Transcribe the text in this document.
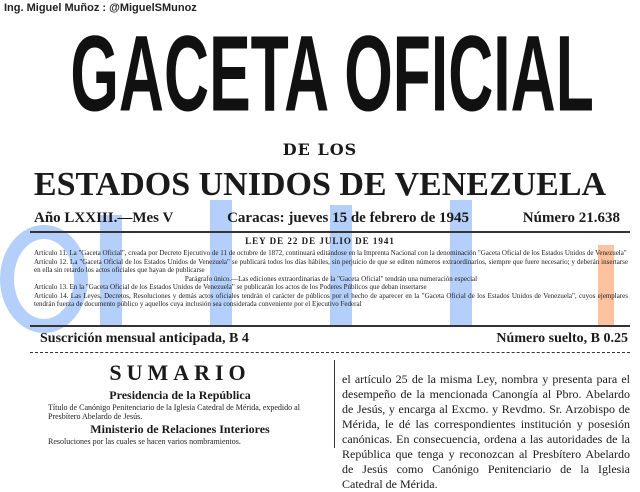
Ing. Miguel Muñoz : @MiguelSMunoz
GACETA OFICIAL
DE LOS
ESTADOS UNIDOS DE VENEZUELA
Año LXXIII.—Mes V	Caracas: jueves 15 de febrero de 1945	Número 21.638
LEY DE 22 DE JULIO DE 1941
Artículo 11. La "Gaceta Oficial", creada por Decreto Ejecutivo de 11 de octubre de 1872, continuará editándose en la Imprenta Nacional con la denominación "Gaceta Oficial de los Estados Unidos de Venezuela"
Artículo 12. La "Gaceta Oficial de los Estados Unidos de Venezuela" se publicará todos los días hábiles, sin perjuicio de que se editen números extraordinarios, siempre que fuere necesario; y deberán insertarse en ella sin retardo los actos oficiales que hayan de publicarse
Parágrafo único.—Las ediciones extraordinarias de la "Gaceta Oficial" tendrán una numeración especial
Artículo 13. En la "Gaceta Oficial de los Estados Unidos de Venezuela" se publicarán los actos de los Poderes Públicos que deban insertarse
Artículo 14. Las Leyes, Decretos, Resoluciones y demás actos oficiales tendrán el carácter de públicos por el hecho de aparecer en la "Gaceta Oficial de los Estados Unidos de Venezuela", cuyos ejemplares tendrán fuerza de documento público y aquellos cuya inclusión sea considerada conveniente por el Ejecutivo Federal
Suscrición mensual anticipada, B 4	Número suelto, B 0.25
SUMARIO
Presidencia de la República
Título de Canónigo Penitenciario de la Iglesia Catedral de Mérida, expedido al Presbítero Abelardo de Jesús.
Ministerio de Relaciones Interiores
Resoluciones por las cuales se hacen varios nombramientos.
el artículo 25 de la misma Ley, nombra y presenta para el desempeño de la mencionada Canongía al Pbro. Abelardo de Jesús, y encarga al Excmo. y Revdmo. Sr. Arzobispo de Mérida, le dé las correspondientes institución y posesión canónicas. En consecuencia, ordena a las autoridades de la República que tenga y reconozcan al Presbítero Abelardo de Jesús como Canónigo Penitenciario de la Iglesia Catedral de Mérida.
